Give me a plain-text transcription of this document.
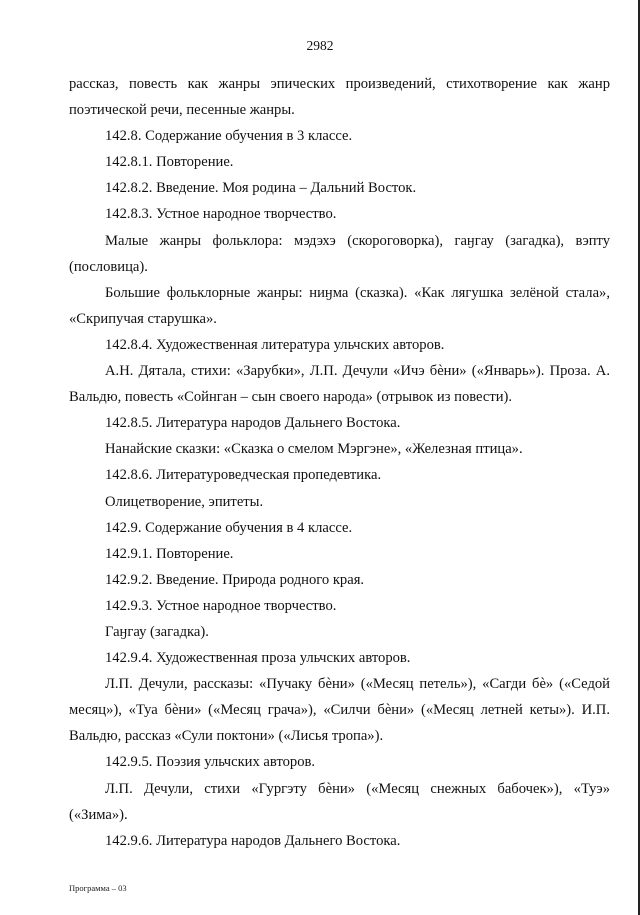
2982

рассказ, повесть как жанры эпических произведений, стихотворение как жанр поэтической речи, песенные жанры.

142.8. Содержание обучения в 3 классе.

142.8.1. Повторение.

142.8.2. Введение. Моя родина – Дальний Восток.

142.8.3. Устное народное творчество.

Малые жанры фольклора: мэдэхэ (скороговорка), гаӈгау (загадка), вэпту (пословица).

Большие фольклорные жанры: ниӈма (сказка). «Как лягушка зелёной стала», «Скрипучая старушка».

142.8.4. Художественная литература ульчских авторов.

А.Н. Дятала, стихи: «Зарубки», Л.П. Дечули «Ичэ бѐни» («Январь»). Проза. А. Вальдю, повесть «Сойнган – сын своего народа» (отрывок из повести).

142.8.5. Литература народов Дальнего Востока.

Нанайские сказки: «Сказка о смелом Мэргэне», «Железная птица».

142.8.6. Литературоведческая пропедевтика.

Олицетворение, эпитеты.

142.9. Содержание обучения в 4 классе.

142.9.1. Повторение.

142.9.2. Введение. Природа родного края.

142.9.3. Устное народное творчество.

Гаӈгау (загадка).

142.9.4. Художественная проза ульчских авторов.

Л.П. Дечули, рассказы: «Пучаку бѐни» («Месяц петель»), «Сагди бѐ» («Седой месяц»), «Туа бѐни» («Месяц грача»), «Силчи бѐни» («Месяц летней кеты»). И.П. Вальдю, рассказ «Сули поктони» («Лисья тропа»).

142.9.5. Поэзия ульчских авторов.

Л.П. Дечули, стихи «Гургэту бѐни» («Месяц снежных бабочек»), «Туэ» («Зима»).

142.9.6. Литература народов Дальнего Востока.

Программа – 03
